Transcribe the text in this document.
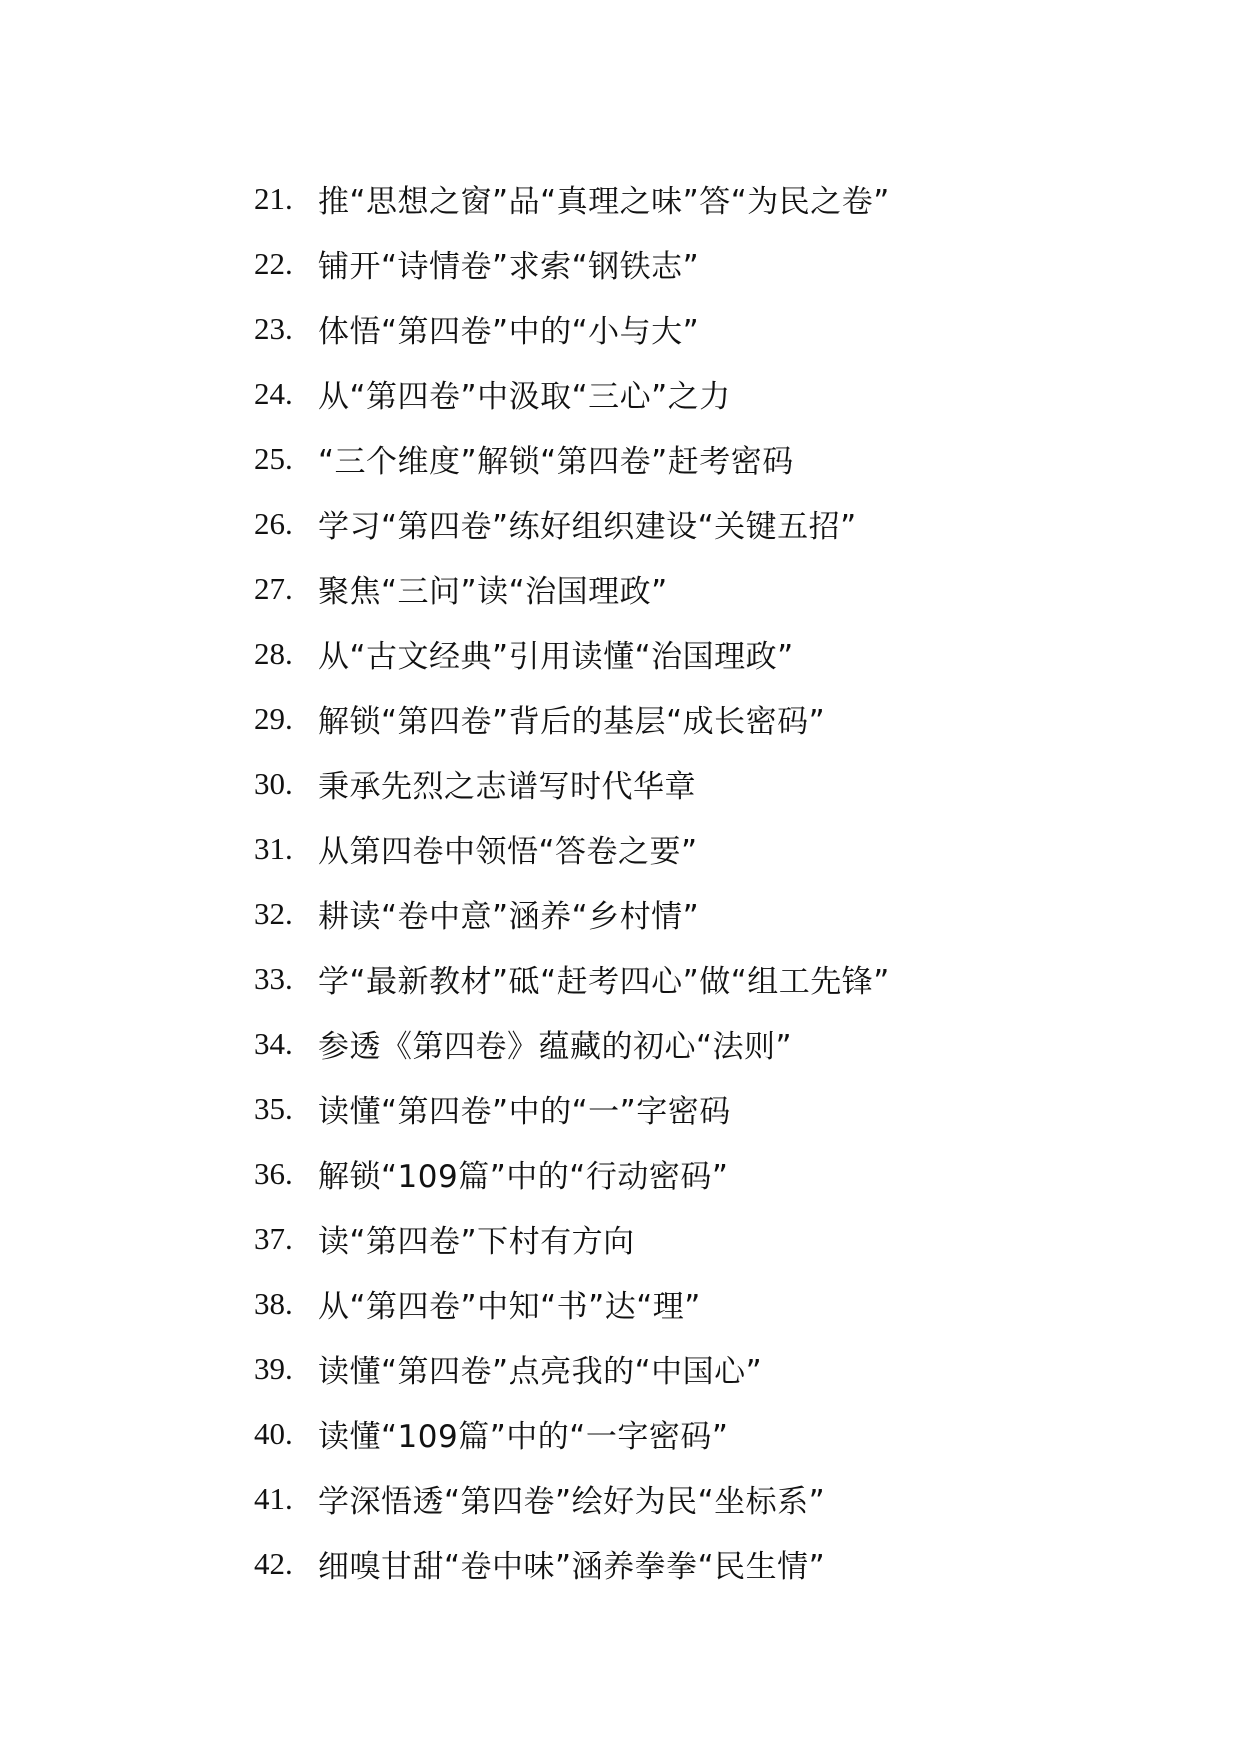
21. 推“思想之窗”品“真理之味”答“为民之卷”
22. 铺开“诗情卷”求索“钢铁志”
23. 体悟“第四卷”中的“小与大”
24. 从“第四卷”中汲取“三心”之力
25. “三个维度”解锁“第四卷”赶考密码
26. 学习“第四卷”练好组织建设“关键五招”
27. 聚焦“三问”读“治国理政”
28. 从“古文经典”引用读懂“治国理政”
29. 解锁“第四卷”背后的基层“成长密码”
30. 秉承先烈之志谱写时代华章
31. 从第四卷中领悟“答卷之要”
32. 耕读“卷中意”涵养“乡村情”
33. 学“最新教材”砥“赶考四心”做“组工先锋”
34. 参透《第四卷》蕴藏的初心“法则”
35. 读懂“第四卷”中的“一”字密码
36. 解锁“109篇”中的“行动密码”
37. 读“第四卷”下村有方向
38. 从“第四卷”中知“书”达“理”
39. 读懂“第四卷”点亮我的“中国心”
40. 读懂“109篇”中的“一字密码”
41. 学深悟透“第四卷”绘好为民“坐标系”
42. 细嗅甘甜“卷中味”涵养拳拳“民生情”
